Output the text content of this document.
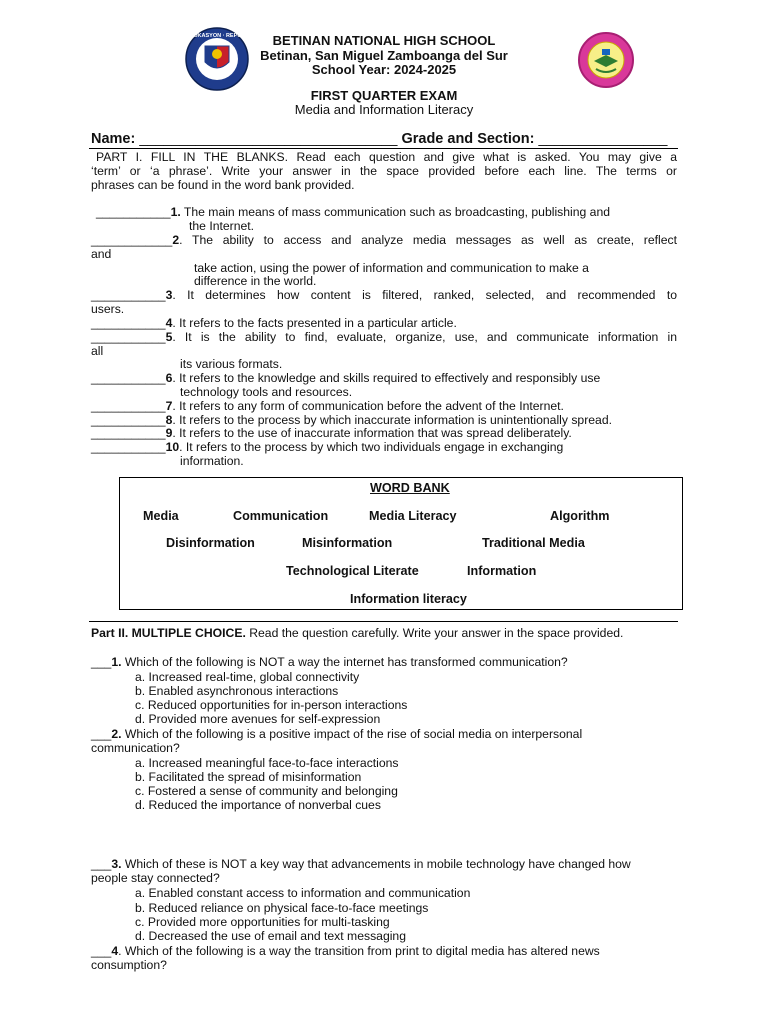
KAGAWARAN NG EDUKASYON · REPUBLIKA NG PILIPINAS
BETINAN NATIONAL HIGH SCHOOL
Betinan, San Miguel Zamboanga del Sur
School Year: 2024-2025
FIRST QUARTER EXAM
Media and Information Literacy
Name: ________________________________ Grade and Section: ________________
PART I. FILL IN THE BLANKS. Read each question and give what is asked. You may give a
‘term’ or ‘a phrase’. Write your answer in the space provided before each line. The terms or
phrases can be found in the word bank provided.
___________1. The main means of mass communication such as broadcasting, publishing and
the Internet.
____________2. The ability to access and analyze media messages as well as create, reflect
and
take action, using the power of information and communication to make a
difference in the world.
___________3. It determines how content is filtered, ranked, selected, and recommended to
users.
___________4. It refers to the facts presented in a particular article.
___________5. It is the ability to find, evaluate, organize, use, and communicate information in
all
its various formats.
___________6. It refers to the knowledge and skills required to effectively and responsibly use
technology tools and resources.
___________7. It refers to any form of communication before the advent of the Internet.
___________8. It refers to the process by which inaccurate information is unintentionally spread.
___________9. It refers to the use of inaccurate information that was spread deliberately.
___________10. It refers to the process by which two individuals engage in exchanging
information.
WORD BANK
Media	Communication	Media Literacy	Algorithm
Disinformation	Misinformation	Traditional Media
Technological Literate	Information
Information literacy
Part II. MULTIPLE CHOICE. Read the question carefully. Write your answer in the space provided.
___1. Which of the following is NOT a way the internet has transformed communication?
a. Increased real-time, global connectivity
b. Enabled asynchronous interactions
c. Reduced opportunities for in-person interactions
d. Provided more avenues for self-expression
___2. Which of the following is a positive impact of the rise of social media on interpersonal
communication?
a. Increased meaningful face-to-face interactions
b. Facilitated the spread of misinformation
c. Fostered a sense of community and belonging
d. Reduced the importance of nonverbal cues
___3. Which of these is NOT a key way that advancements in mobile technology have changed how
people stay connected?
a. Enabled constant access to information and communication
b. Reduced reliance on physical face-to-face meetings
c. Provided more opportunities for multi-tasking
d. Decreased the use of email and text messaging
___4. Which of the following is a way the transition from print to digital media has altered news
consumption?
